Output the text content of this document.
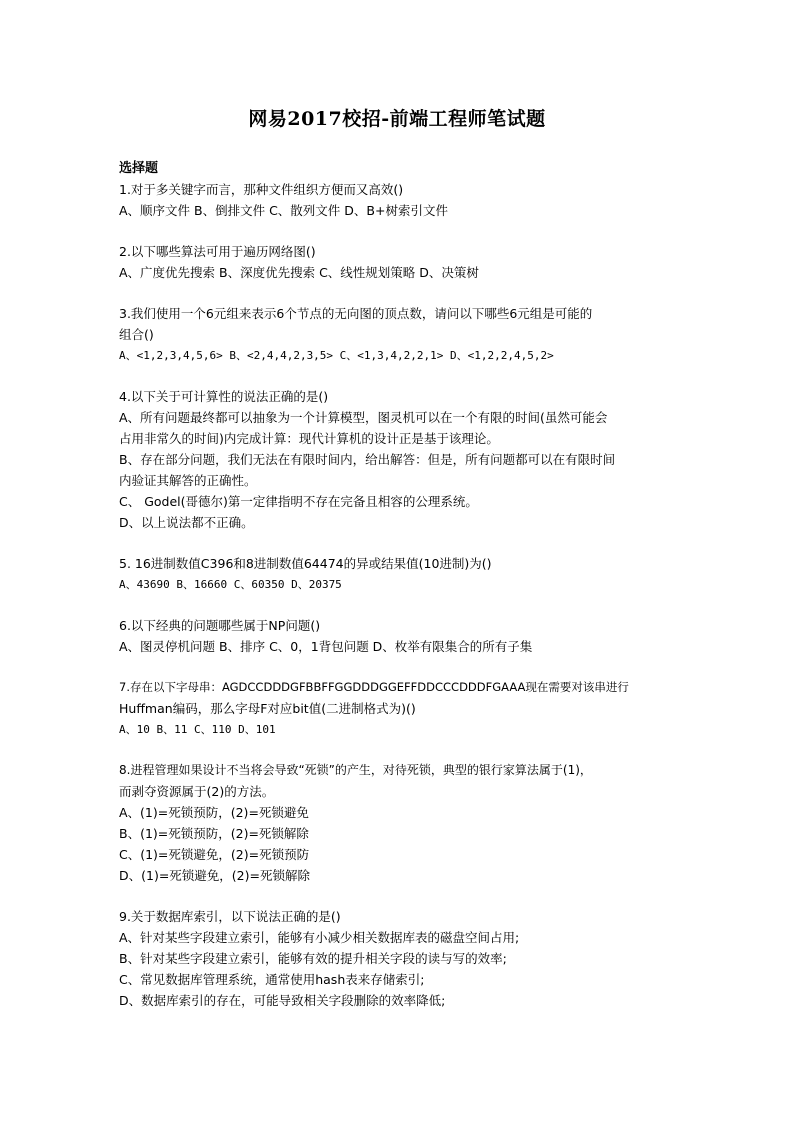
网易2017校招-前端工程师笔试题
选择题
1.对于多关键字而言，那种文件组织方便而又高效()
A、顺序文件 B、倒排文件 C、散列文件 D、B+树索引文件
2.以下哪些算法可用于遍历网络图()
A、广度优先搜索 B、深度优先搜索 C、线性规划策略 D、决策树
3.我们使用一个6元组来表示6个节点的无向图的顶点数，请问以下哪些6元组是可能的
组合()
A、<1,2,3,4,5,6> B、<2,4,4,2,3,5> C、<1,3,4,2,2,1> D、<1,2,2,4,5,2>
4.以下关于可计算性的说法正确的是()
A、所有问题最终都可以抽象为一个计算模型，图灵机可以在一个有限的时间(虽然可能会
占用非常久的时间)内完成计算：现代计算机的设计正是基于该理论。
B、存在部分问题，我们无法在有限时间内，给出解答：但是，所有问题都可以在有限时间
内验证其解答的正确性。
C、 Godel(哥德尔)第一定律指明不存在完备且相容的公理系统。
D、以上说法都不正确。
5. 16进制数值C396和8进制数值64474的异或结果值(10进制)为()
A、43690 B、16660 C、60350 D、20375
6.以下经典的问题哪些属于NP问题()
A、图灵停机问题 B、排序 C、0，1背包问题 D、枚举有限集合的所有子集
7.存在以下字母串：AGDCCDDDGFBBFFGGDDDGGEFFDDCCCDDDFGAAA现在需要对该串进行
Huffman编码，那么字母F对应bit值(二进制格式为)()
A、10 B、11 C、110 D、101
8.进程管理如果设计不当将会导致“死锁”的产生，对待死锁，典型的银行家算法属于(1)，
而剥夺资源属于(2)的方法。
A、(1)=死锁预防，(2)=死锁避免
B、(1)=死锁预防，(2)=死锁解除
C、(1)=死锁避免，(2)=死锁预防
D、(1)=死锁避免，(2)=死锁解除
9.关于数据库索引，以下说法正确的是()
A、针对某些字段建立索引，能够有小减少相关数据库表的磁盘空间占用;
B、针对某些字段建立索引，能够有效的提升相关字段的读与写的效率;
C、常见数据库管理系统，通常使用hash表来存储索引;
D、数据库索引的存在，可能导致相关字段删除的效率降低;
